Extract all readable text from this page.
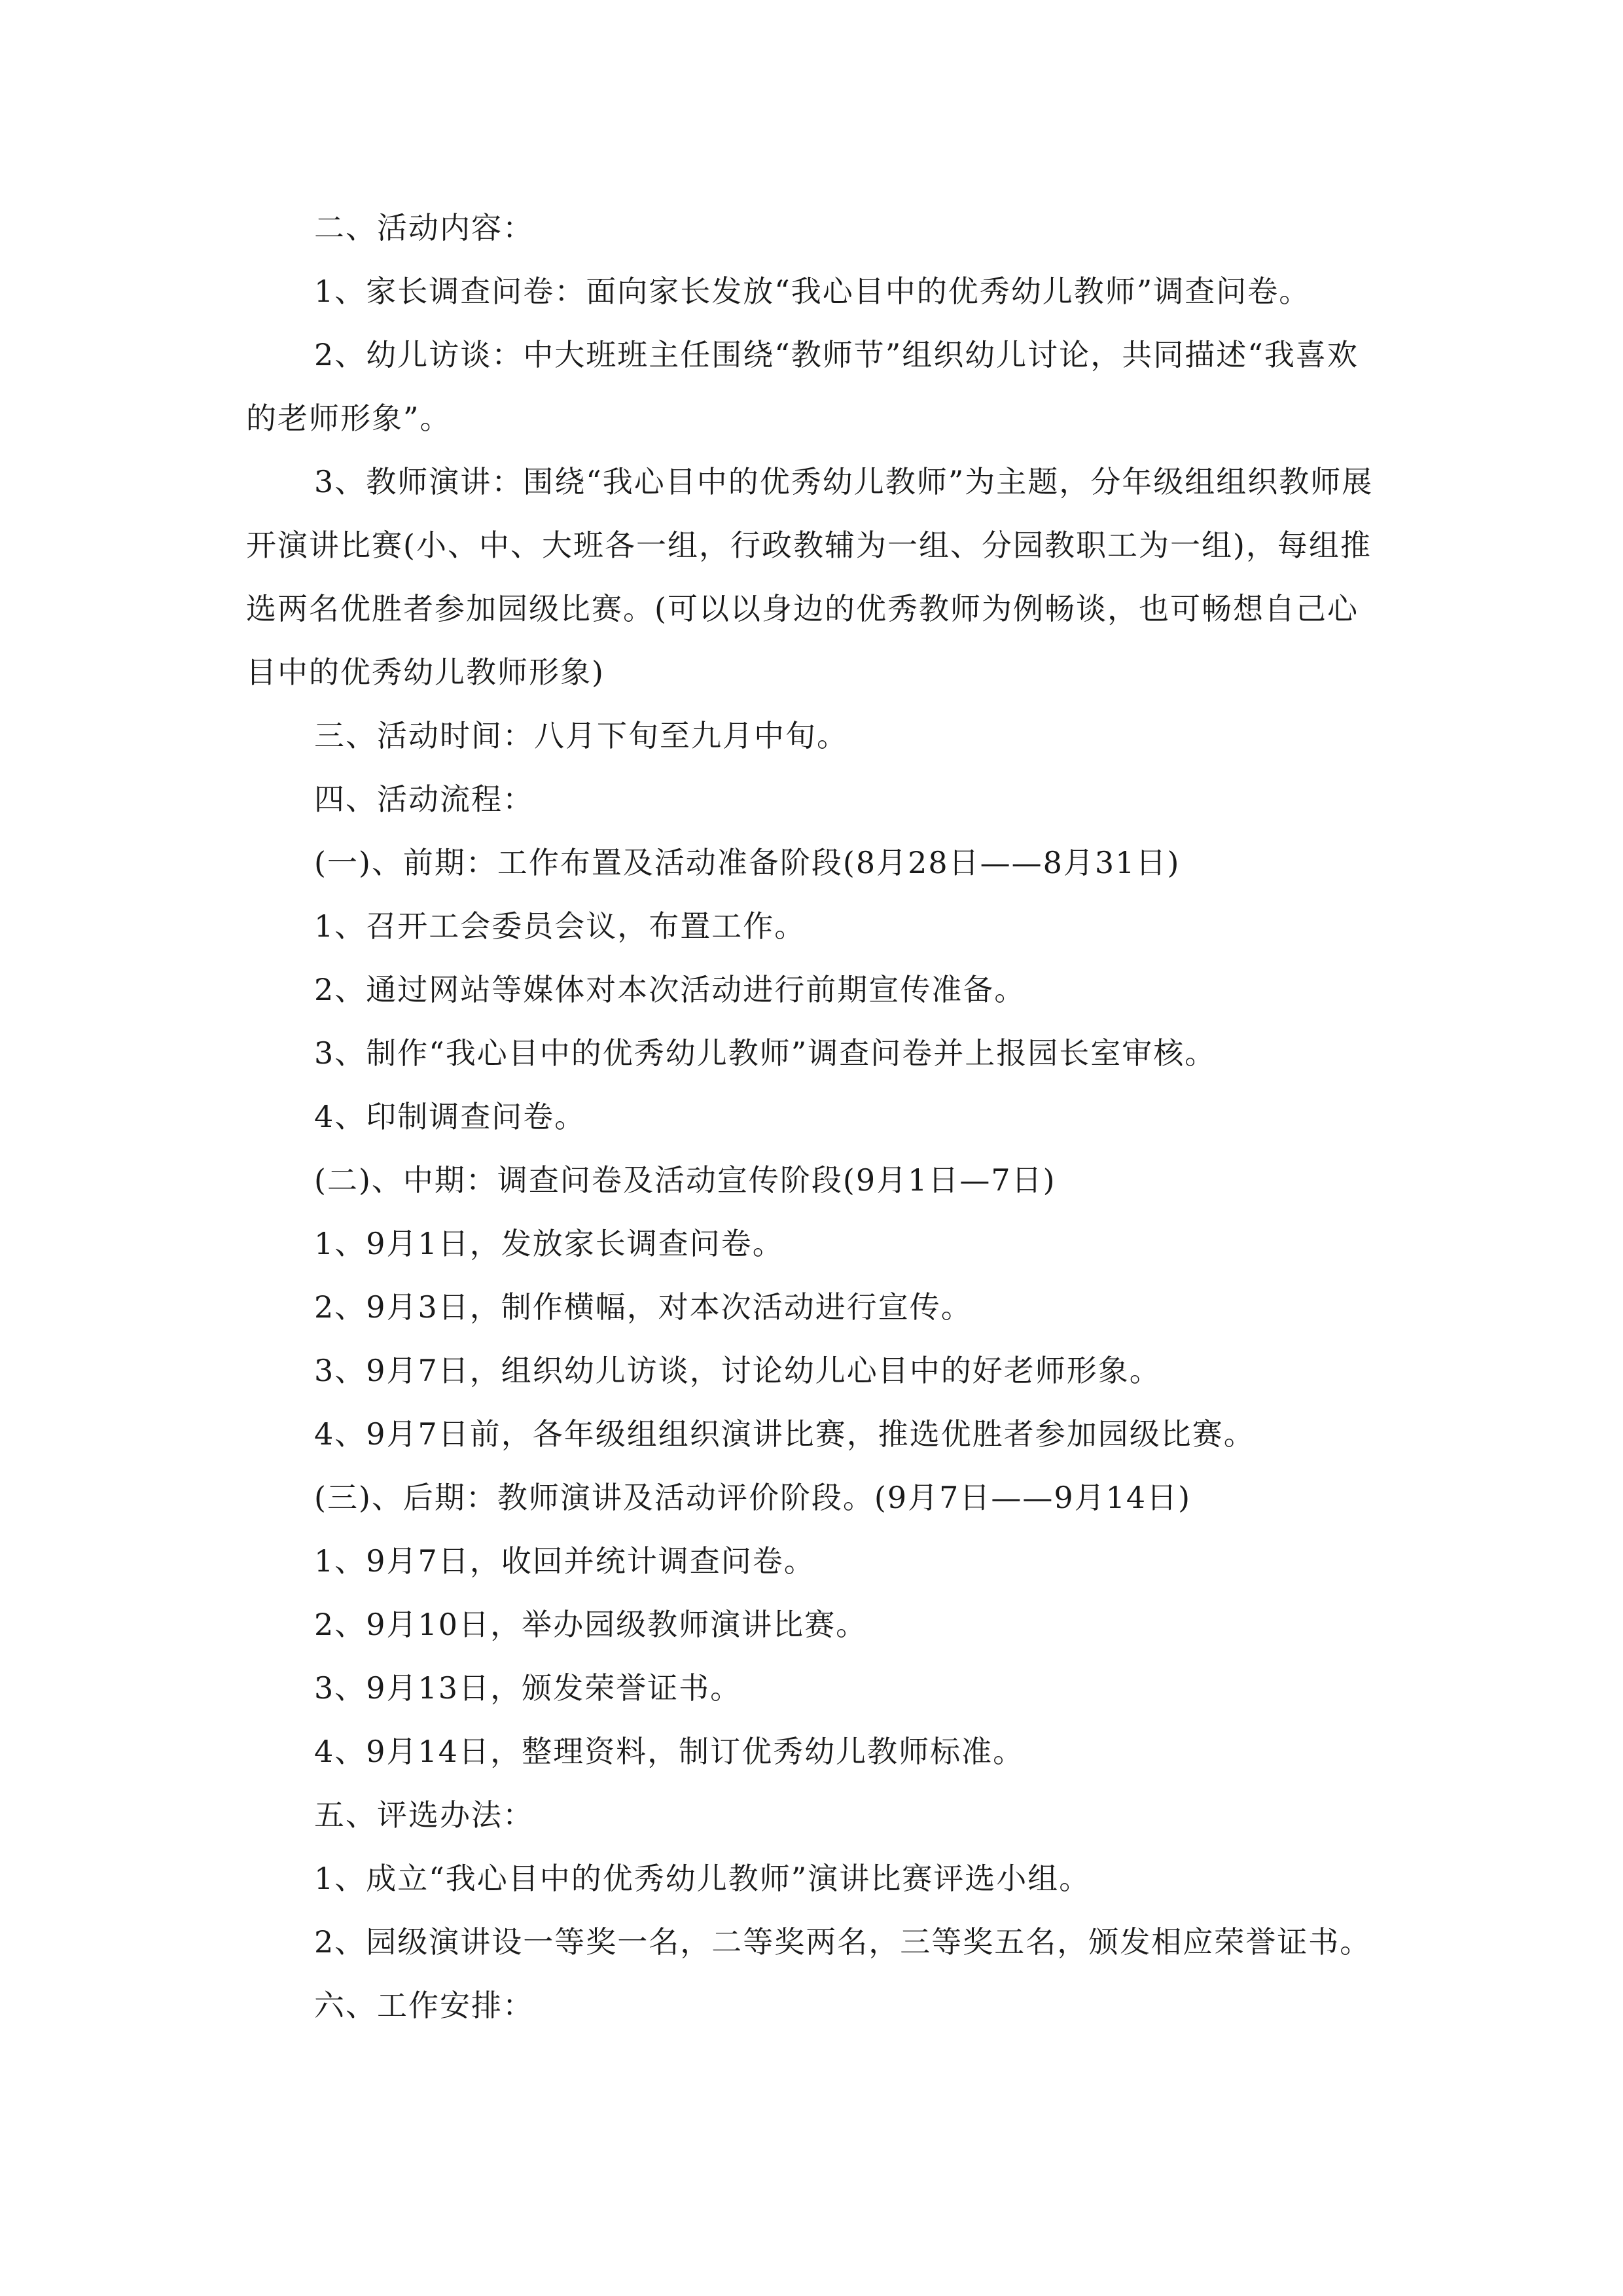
二、活动内容：

1、家长调查问卷：面向家长发放“我心目中的优秀幼儿教师”调查问卷。

2、幼儿访谈：中大班班主任围绕“教师节”组织幼儿讨论，共同描述“我喜欢的老师形象”。

3、教师演讲：围绕“我心目中的优秀幼儿教师”为主题，分年级组组织教师展开演讲比赛(小、中、大班各一组，行政教辅为一组、分园教职工为一组)，每组推选两名优胜者参加园级比赛。(可以以身边的优秀教师为例畅谈，也可畅想自己心目中的优秀幼儿教师形象)

三、活动时间：八月下旬至九月中旬。

四、活动流程：

(一)、前期：工作布置及活动准备阶段(8月28日——8月31日)

1、召开工会委员会议，布置工作。

2、通过网站等媒体对本次活动进行前期宣传准备。

3、制作“我心目中的优秀幼儿教师”调查问卷并上报园长室审核。

4、印制调查问卷。

(二)、中期：调查问卷及活动宣传阶段(9月1日—7日)

1、9月1日，发放家长调查问卷。

2、9月3日，制作横幅，对本次活动进行宣传。

3、9月7日，组织幼儿访谈，讨论幼儿心目中的好老师形象。

4、9月7日前，各年级组组织演讲比赛，推选优胜者参加园级比赛。

(三)、后期：教师演讲及活动评价阶段。(9月7日——9月14日)

1、9月7日，收回并统计调查问卷。

2、9月10日，举办园级教师演讲比赛。

3、9月13日，颁发荣誉证书。

4、9月14日，整理资料，制订优秀幼儿教师标准。

五、评选办法：

1、成立“我心目中的优秀幼儿教师”演讲比赛评选小组。

2、园级演讲设一等奖一名，二等奖两名，三等奖五名，颁发相应荣誉证书。

六、工作安排：
